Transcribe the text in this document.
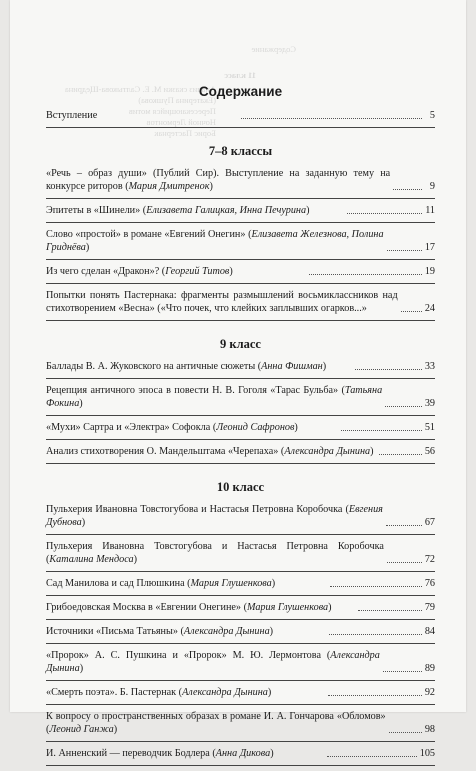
Содержание
11 класс
Анализ сказки М. Е. Салтыкова-Щедрина
(Екатерина Пушкова)
Пересекающийся мотив
Ночной Лермонтов
Борис Пастернак
Содержание
Вступление	5
7–8 классы
«Речь – образ души» (Публий Сир). Выступление на заданную тему на конкурсе риторов (Мария Дмитренок)	9
Эпитеты в «Шинели» (Елизавета Галицкая, Инна Печурина)	11
Слово «простой» в романе «Евгений Онегин» (Елизавета Железнова, Полина Гриднёва)	17
Из чего сделан «Дракон»? (Георгий Титов)	19
Попытки понять Пастернака: фрагменты размышлений восьмиклассников над стихотворением «Весна» («Что почек, что клейких заплывших огарков...»	24
9 класс
Баллады В. А. Жуковского на античные сюжеты (Анна Фишман)	33
Рецепция античного эпоса в повести Н. В. Гоголя «Тарас Бульба» (Татьяна Фокина)	39
«Мухи» Сартра и «Электра» Софокла (Леонид Сафронов)	51
Анализ стихотворения О. Мандельштама «Черепаха» (Александра Дынина)	56
10 класс
Пульхерия Ивановна Товстогубова и Настасья Петровна Коробочка (Евгения Дубнова)	67
Пульхерия Ивановна Товстогубова и Настасья Петровна Коробочка (Каталина Мендоса)	72
Сад Манилова и сад Плюшкина (Мария Глушенкова)	76
Грибоедовская Москва в «Евгении Онегине» (Мария Глушенкова)	79
Источники «Письма Татьяны» (Александра Дынина)	84
«Пророк» А. С. Пушкина и «Пророк» М. Ю. Лермонтова (Александра Дынина)	89
«Смерть поэта». Б. Пастернак (Александра Дынина)	92
К вопросу о пространственных образах в романе И. А. Гончарова «Обломов» (Леонид Ганжа)	98
И. Анненский — переводчик Бодлера (Анна Дикова)	105
